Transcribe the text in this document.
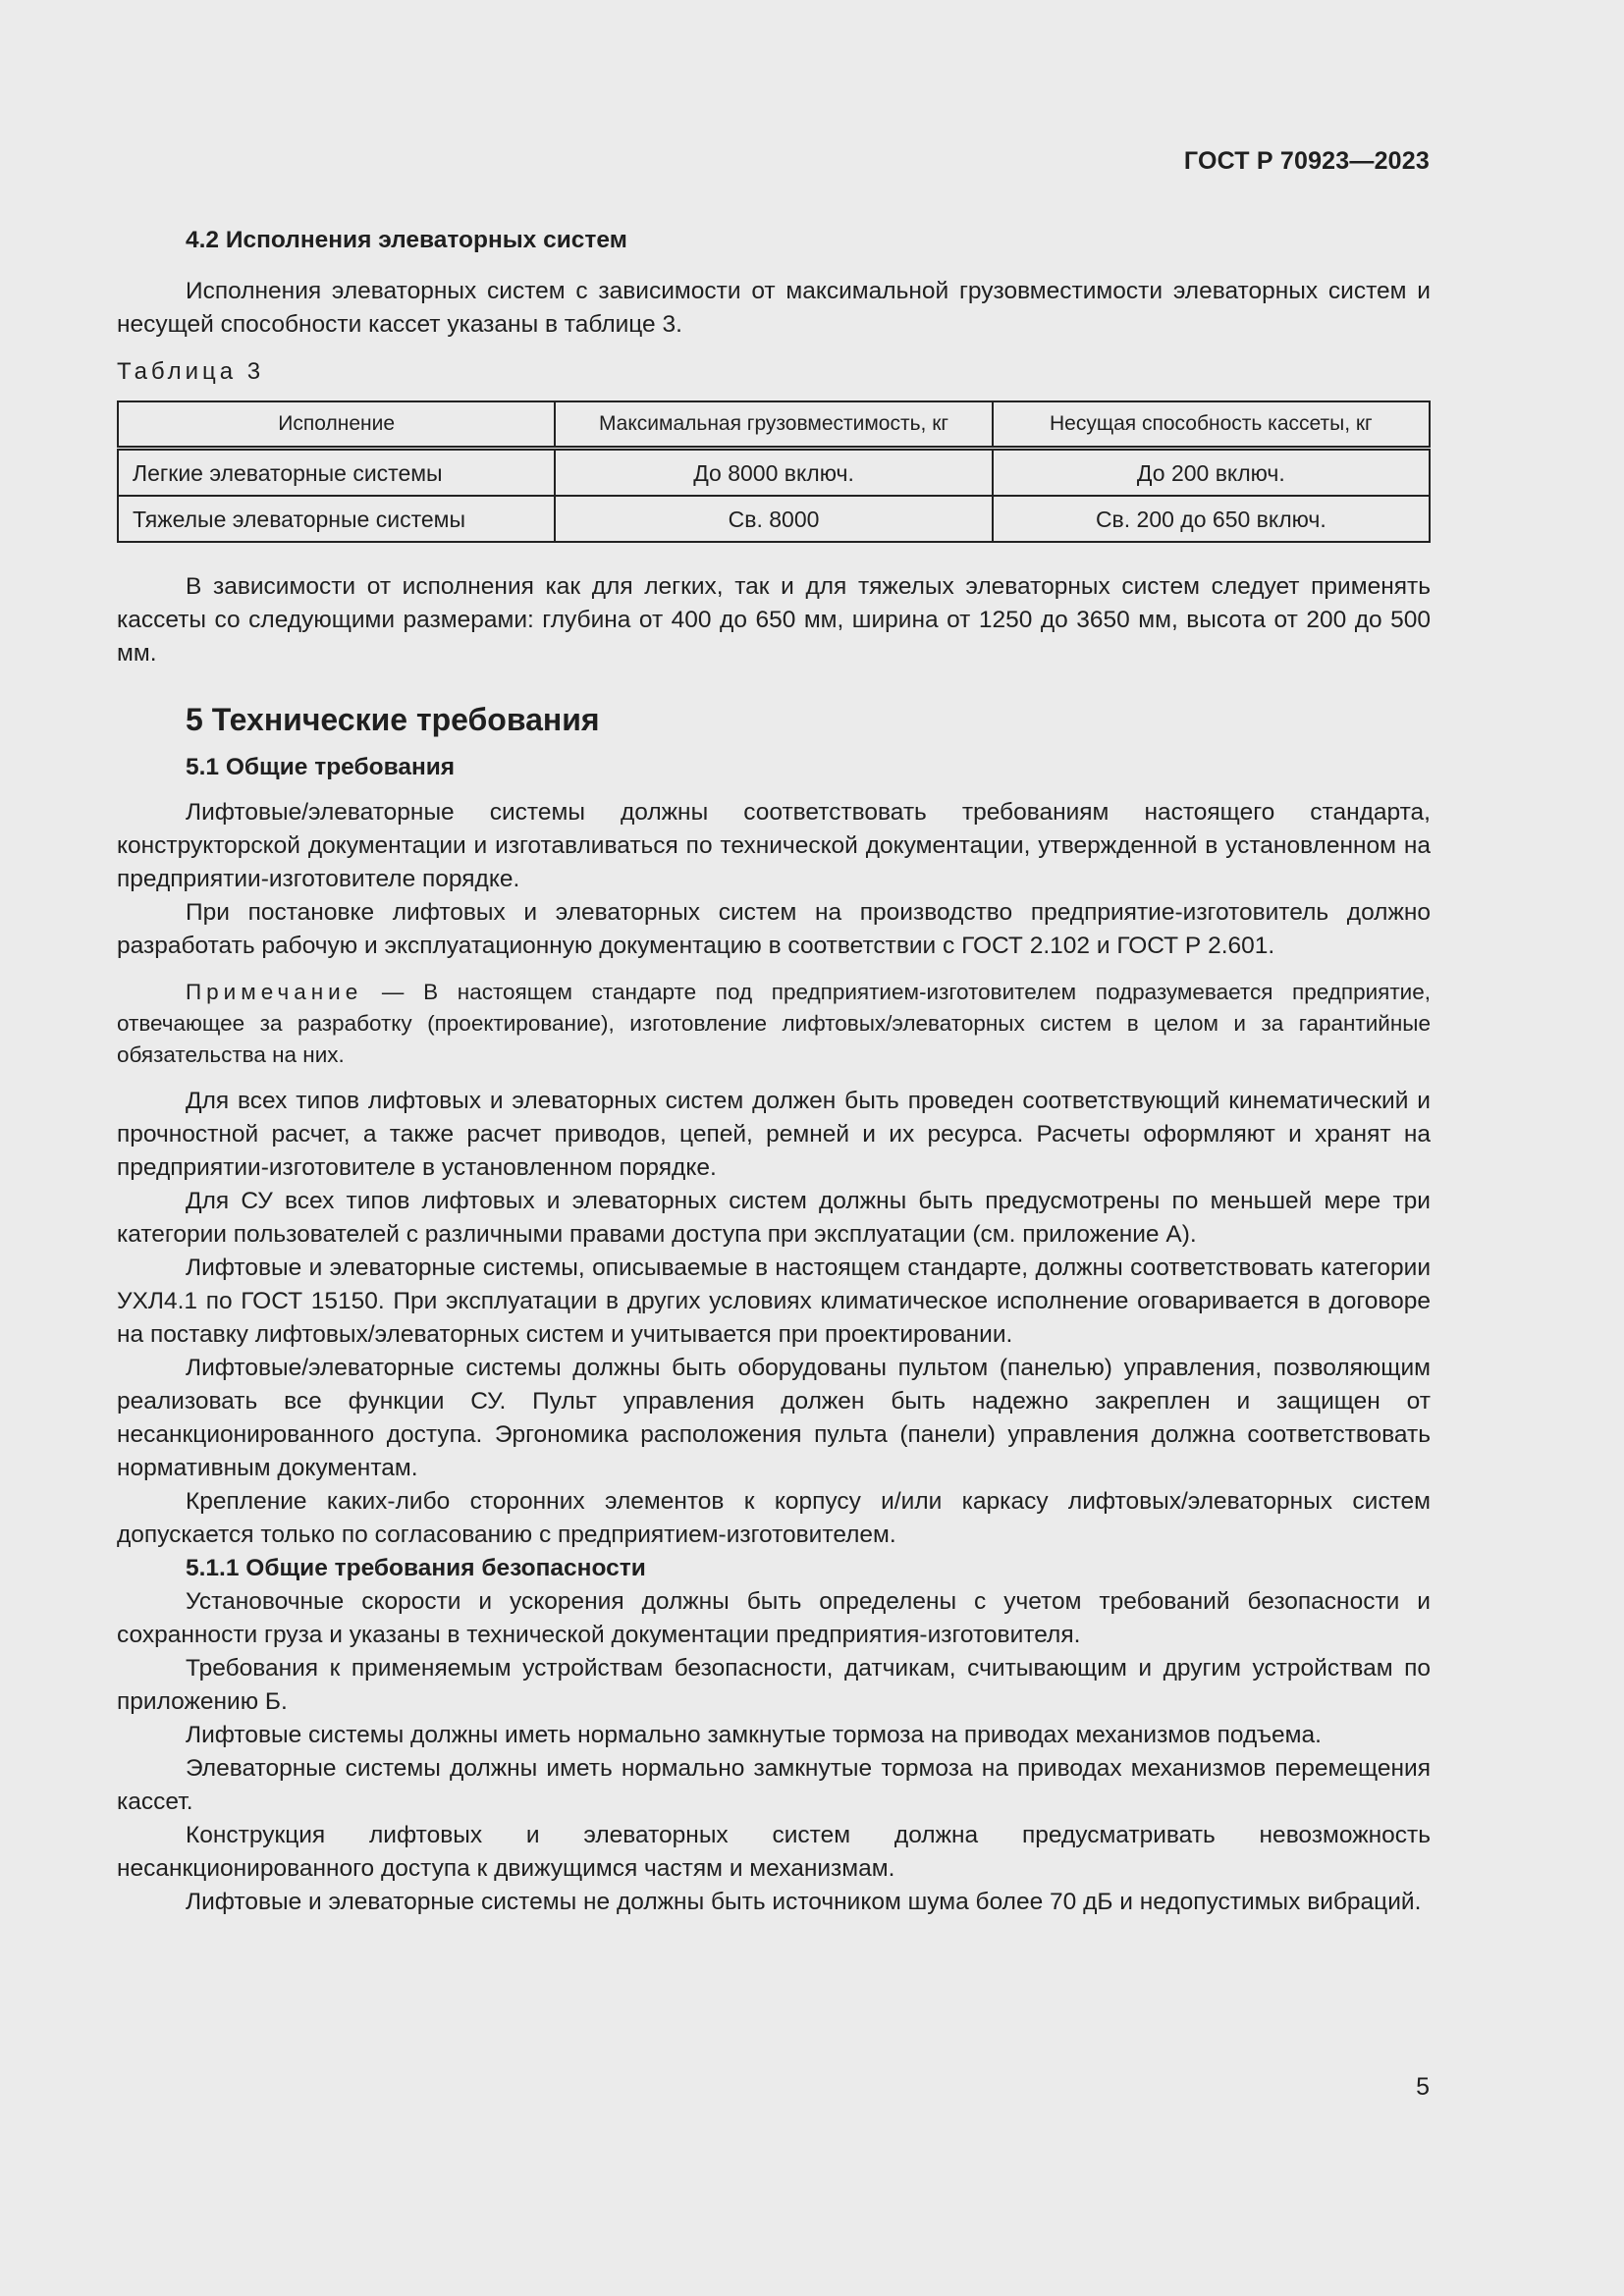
ГОСТ Р 70923—2023

4.2 Исполнения элеваторных систем

Исполнения элеваторных систем с зависимости от максимальной грузовместимости элеваторных систем и несущей способности кассет указаны в таблице 3.

Таблица 3
Исполнение	Максимальная грузовместимость, кг	Несущая способность кассеты, кг
Легкие элеваторные системы	До 8000 включ.	До 200 включ.
Тяжелые элеваторные системы	Св. 8000	Св. 200 до 650 включ.

В зависимости от исполнения как для легких, так и для тяжелых элеваторных систем следует применять кассеты со следующими размерами: глубина от 400 до 650 мм, ширина от 1250 до 3650 мм, высота от 200 до 500 мм.

5 Технические требования

5.1 Общие требования

Лифтовые/элеваторные системы должны соответствовать требованиям настоящего стандарта, конструкторской документации и изготавливаться по технической документации, утвержденной в установленном на предприятии-изготовителе порядке.

При постановке лифтовых и элеваторных систем на производство предприятие-изготовитель должно разработать рабочую и эксплуатационную документацию в соответствии с ГОСТ 2.102 и ГОСТ Р 2.601.

Примечание — В настоящем стандарте под предприятием-изготовителем подразумевается предприятие, отвечающее за разработку (проектирование), изготовление лифтовых/элеваторных систем в целом и за гарантийные обязательства на них.

Для всех типов лифтовых и элеваторных систем должен быть проведен соответствующий кинематический и прочностной расчет, а также расчет приводов, цепей, ремней и их ресурса. Расчеты оформляют и хранят на предприятии-изготовителе в установленном порядке.

Для СУ всех типов лифтовых и элеваторных систем должны быть предусмотрены по меньшей мере три категории пользователей с различными правами доступа при эксплуатации (см. приложение А).

Лифтовые и элеваторные системы, описываемые в настоящем стандарте, должны соответствовать категории УХЛ4.1 по ГОСТ 15150. При эксплуатации в других условиях климатическое исполнение оговаривается в договоре на поставку лифтовых/элеваторных систем и учитывается при проектировании.

Лифтовые/элеваторные системы должны быть оборудованы пультом (панелью) управления, позволяющим реализовать все функции СУ. Пульт управления должен быть надежно закреплен и защищен от несанкционированного доступа. Эргономика расположения пульта (панели) управления должна соответствовать нормативным документам.

Крепление каких-либо сторонних элементов к корпусу и/или каркасу лифтовых/элеваторных систем допускается только по согласованию с предприятием-изготовителем.

5.1.1 Общие требования безопасности

Установочные скорости и ускорения должны быть определены с учетом требований безопасности и сохранности груза и указаны в технической документации предприятия-изготовителя.

Требования к применяемым устройствам безопасности, датчикам, считывающим и другим устройствам по приложению Б.

Лифтовые системы должны иметь нормально замкнутые тормоза на приводах механизмов подъема.

Элеваторные системы должны иметь нормально замкнутые тормоза на приводах механизмов перемещения кассет.

Конструкция лифтовых и элеваторных систем должна предусматривать невозможность несанкционированного доступа к движущимся частям и механизмам.

Лифтовые и элеваторные системы не должны быть источником шума более 70 дБ и недопустимых вибраций.

5
